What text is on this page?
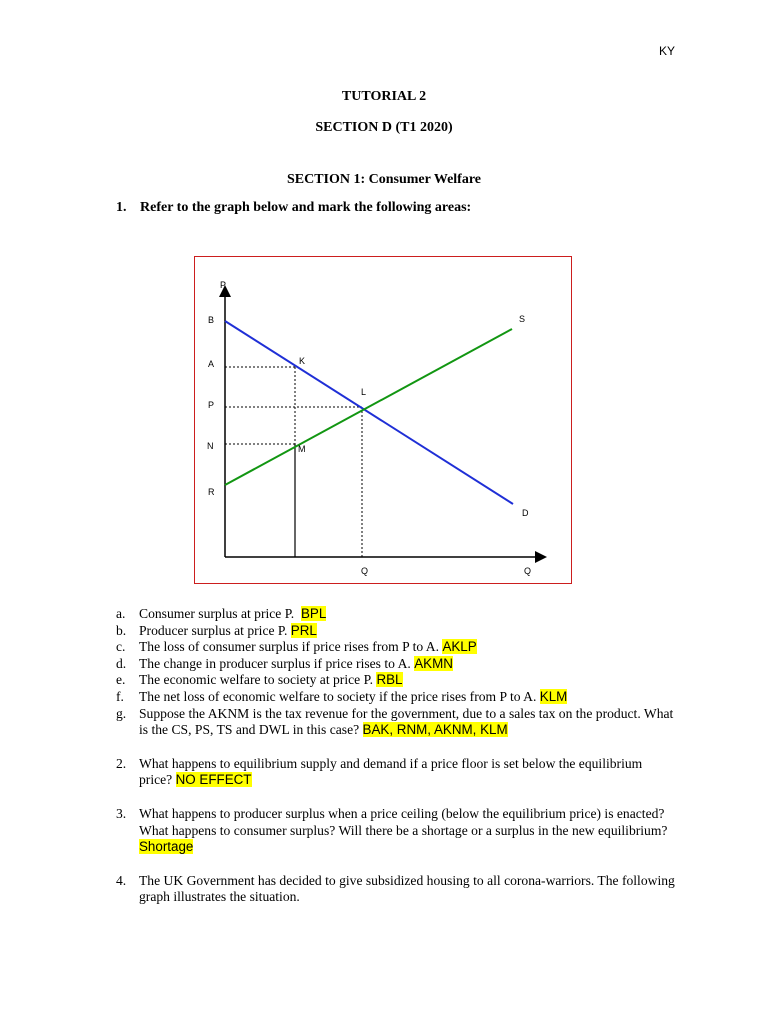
KY
TUTORIAL 2
SECTION D (T1 2020)
SECTION 1: Consumer Welfare
1. Refer to the graph below and mark the following areas:
P
B
A
P
N
R
K
L
M
S
D
Q	Q
a. Consumer surplus at price P. BPL
b. Producer surplus at price P. PRL
c. The loss of consumer surplus if price rises from P to A. AKLP
d. The change in producer surplus if price rises to A. AKMN
e. The economic welfare to society at price P. RBL
f.	The net loss of economic welfare to society if the price rises from P to A. KLM
g. Suppose the AKNM is the tax revenue for the government, due to a sales tax on the product. What is the CS, PS, TS and DWL in this case? BAK, RNM, AKNM, KLM
2. What happens to equilibrium supply and demand if a price floor is set below the equilibrium price? NO EFFECT
3. What happens to producer surplus when a price ceiling (below the equilibrium price) is enacted? What happens to consumer surplus? Will there be a shortage or a surplus in the new equilibrium? Shortage
4. The UK Government has decided to give subsidized housing to all corona-warriors. The following graph illustrates the situation.
